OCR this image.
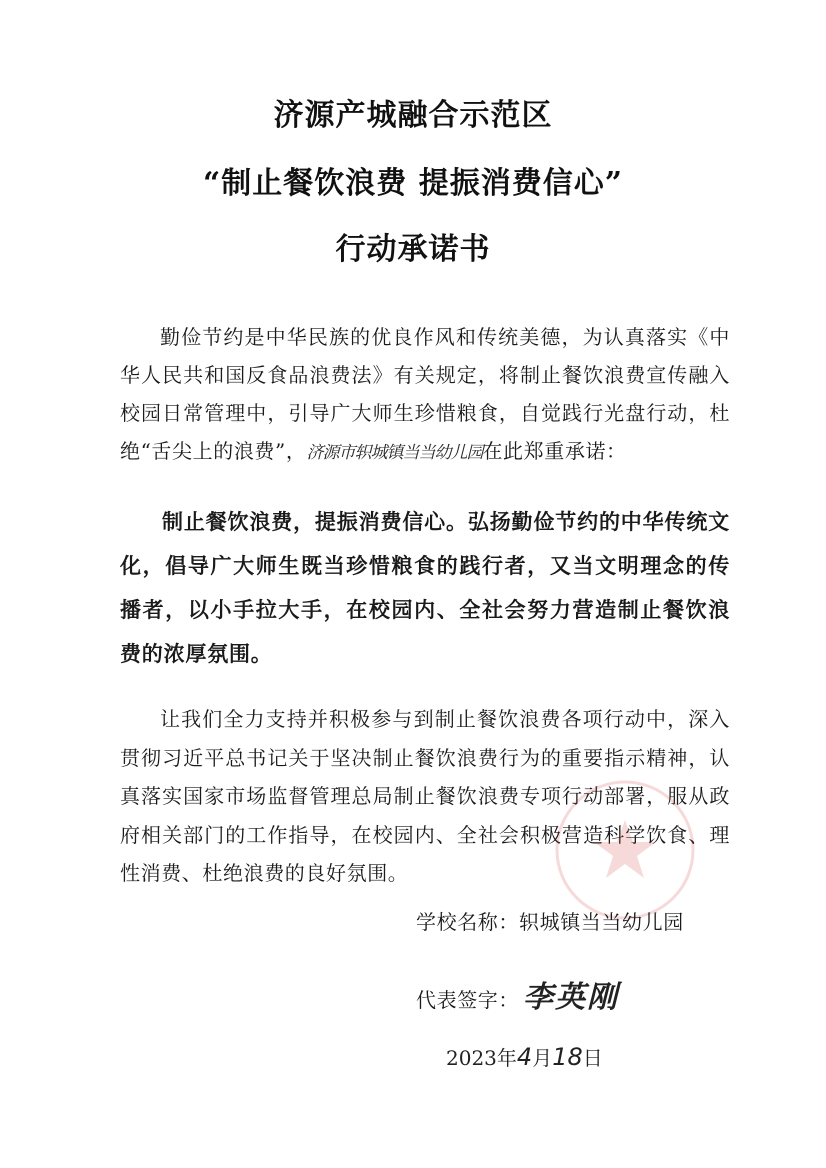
济源产城融合示范区
“制止餐饮浪费 提振消费信心”
行动承诺书

勤俭节约是中华民族的优良作风和传统美德，为认真落实《中华人民共和国反食品浪费法》有关规定，将制止餐饮浪费宣传融入校园日常管理中，引导广大师生珍惜粮食，自觉践行光盘行动，杜绝“舌尖上的浪费”，济源市轵城镇当当幼儿园在此郑重承诺：

制止餐饮浪费，提振消费信心。弘扬勤俭节约的中华传统文化，倡导广大师生既当珍惜粮食的践行者，又当文明理念的传播者，以小手拉大手，在校园内、全社会努力营造制止餐饮浪费的浓厚氛围。

让我们全力支持并积极参与到制止餐饮浪费各项行动中，深入贯彻习近平总书记关于坚决制止餐饮浪费行为的重要指示精神，认真落实国家市场监督管理总局制止餐饮浪费专项行动部署，服从政府相关部门的工作指导，在校园内、全社会积极营造科学饮食、理性消费、杜绝浪费的良好氛围。

学校名称：轵城镇当当幼儿园
代表签字： 李英刚
2023年4月18日
